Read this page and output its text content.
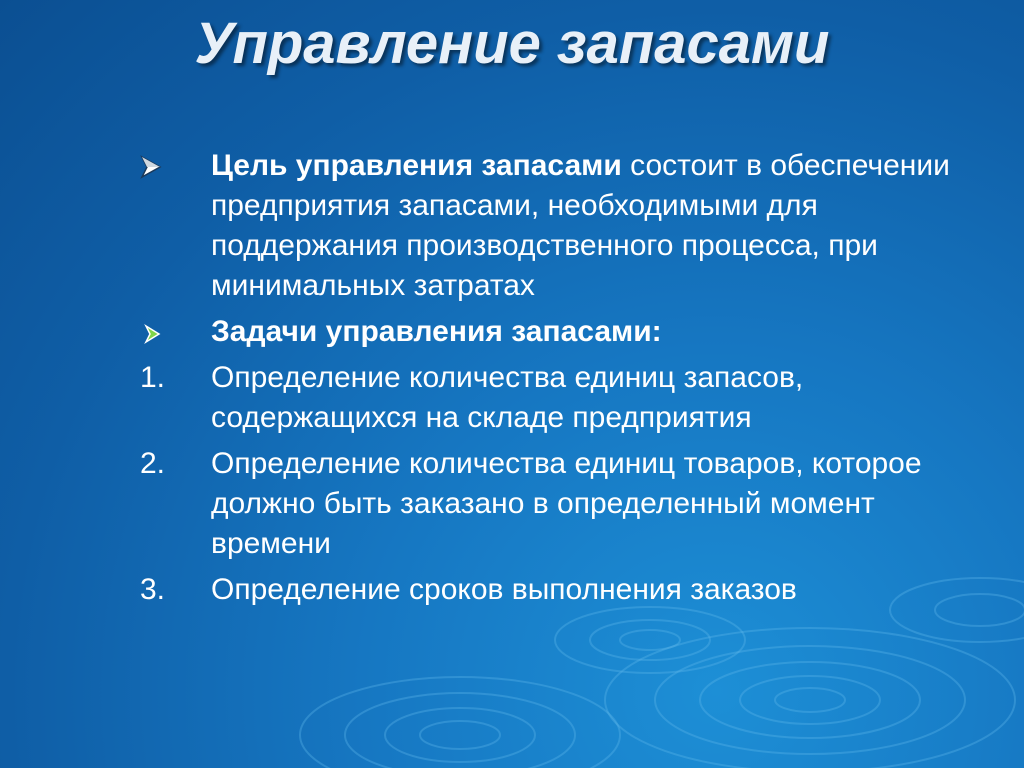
Управление запасами
Цель управления запасами состоит в обеспечении предприятия запасами, необходимыми для поддержания производственного процесса, при минимальных затратах
Задачи управления запасами:
1.	Определение количества единиц запасов, содержащихся на складе предприятия
2.	Определение количества единиц товаров, которое должно быть заказано в определенный момент времени
3.	Определение сроков выполнения заказов
